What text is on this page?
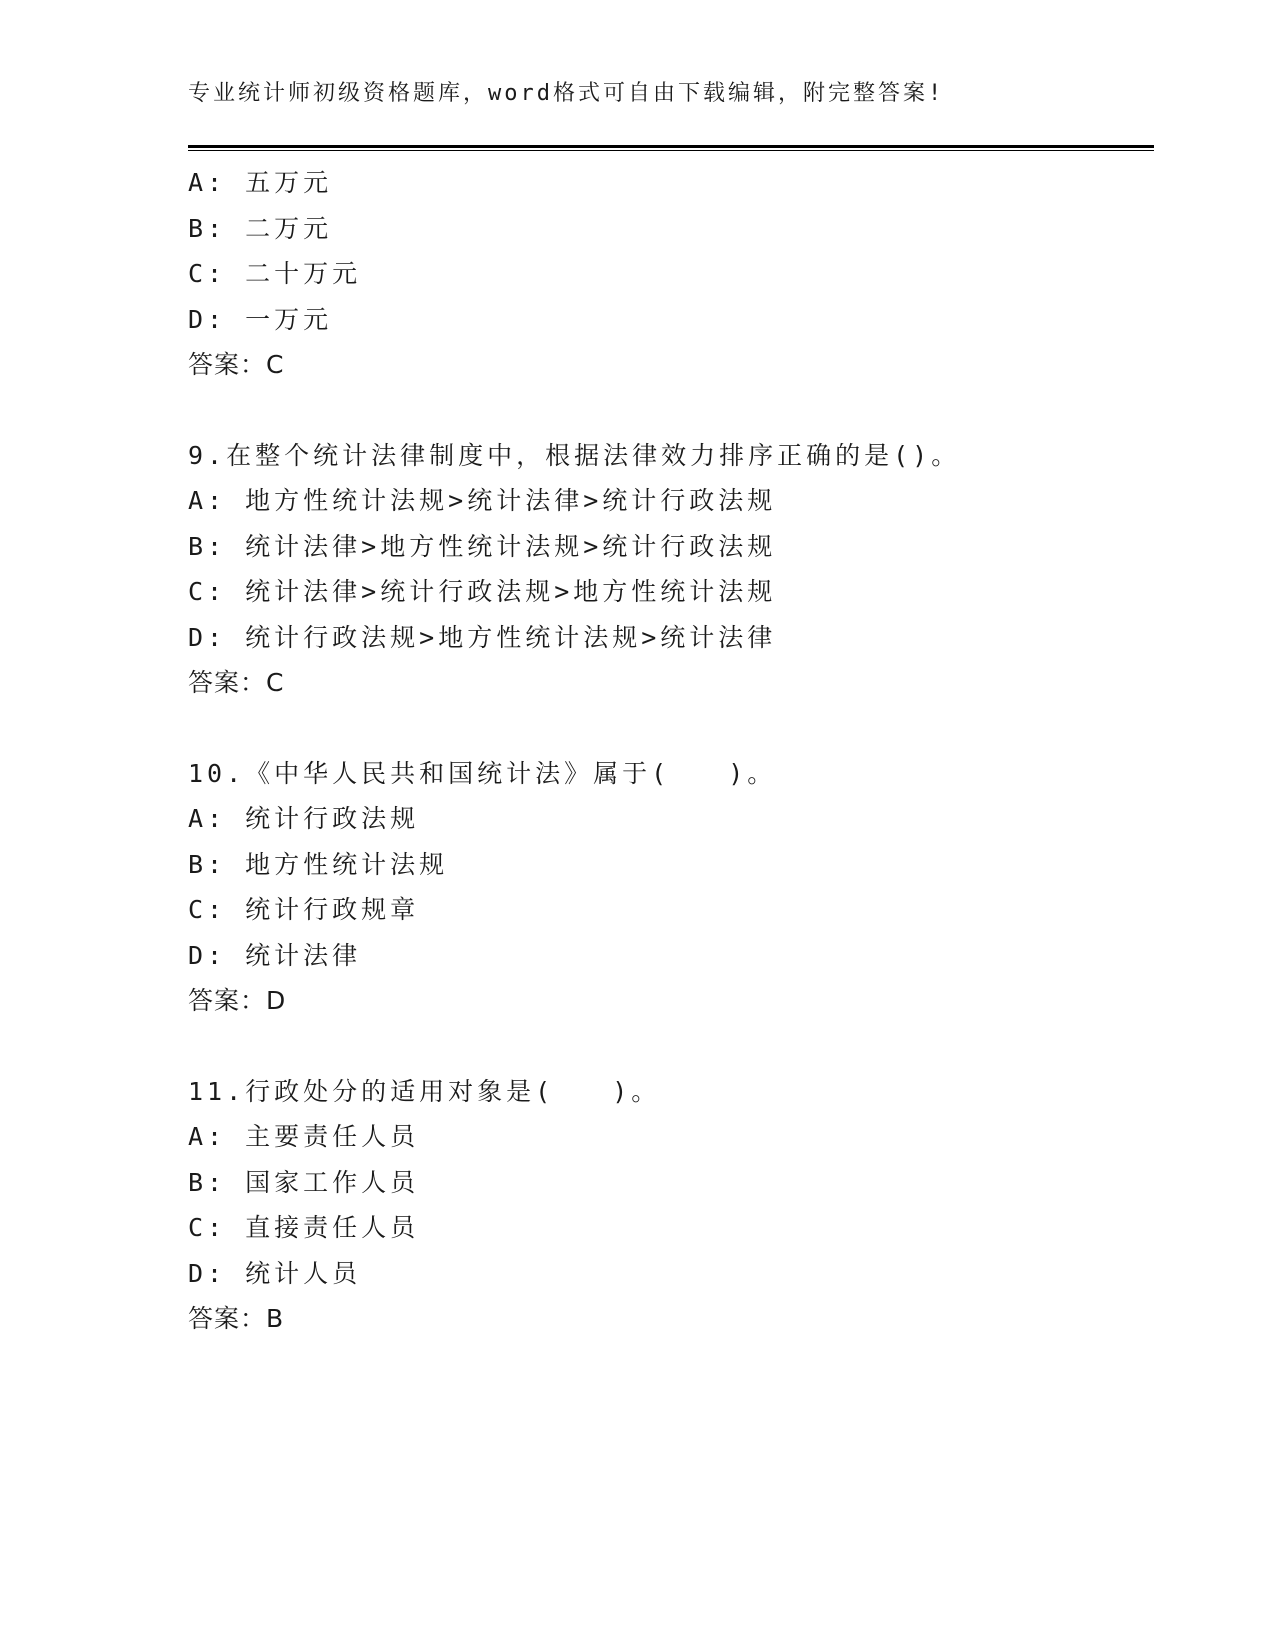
专业统计师初级资格题库，word格式可自由下载编辑，附完整答案!
A: 五万元
B: 二万元
C: 二十万元
D: 一万元
答案：C
9.在整个统计法律制度中，根据法律效力排序正确的是()。
A: 地方性统计法规>统计法律>统计行政法规
B: 统计法律>地方性统计法规>统计行政法规
C: 统计法律>统计行政法规>地方性统计法规
D: 统计行政法规>地方性统计法规>统计法律
答案：C
10.《中华人民共和国统计法》属于(　　)。
A: 统计行政法规
B: 地方性统计法规
C: 统计行政规章
D: 统计法律
答案：D
11.行政处分的适用对象是(　　)。
A: 主要责任人员
B: 国家工作人员
C: 直接责任人员
D: 统计人员
答案：B
